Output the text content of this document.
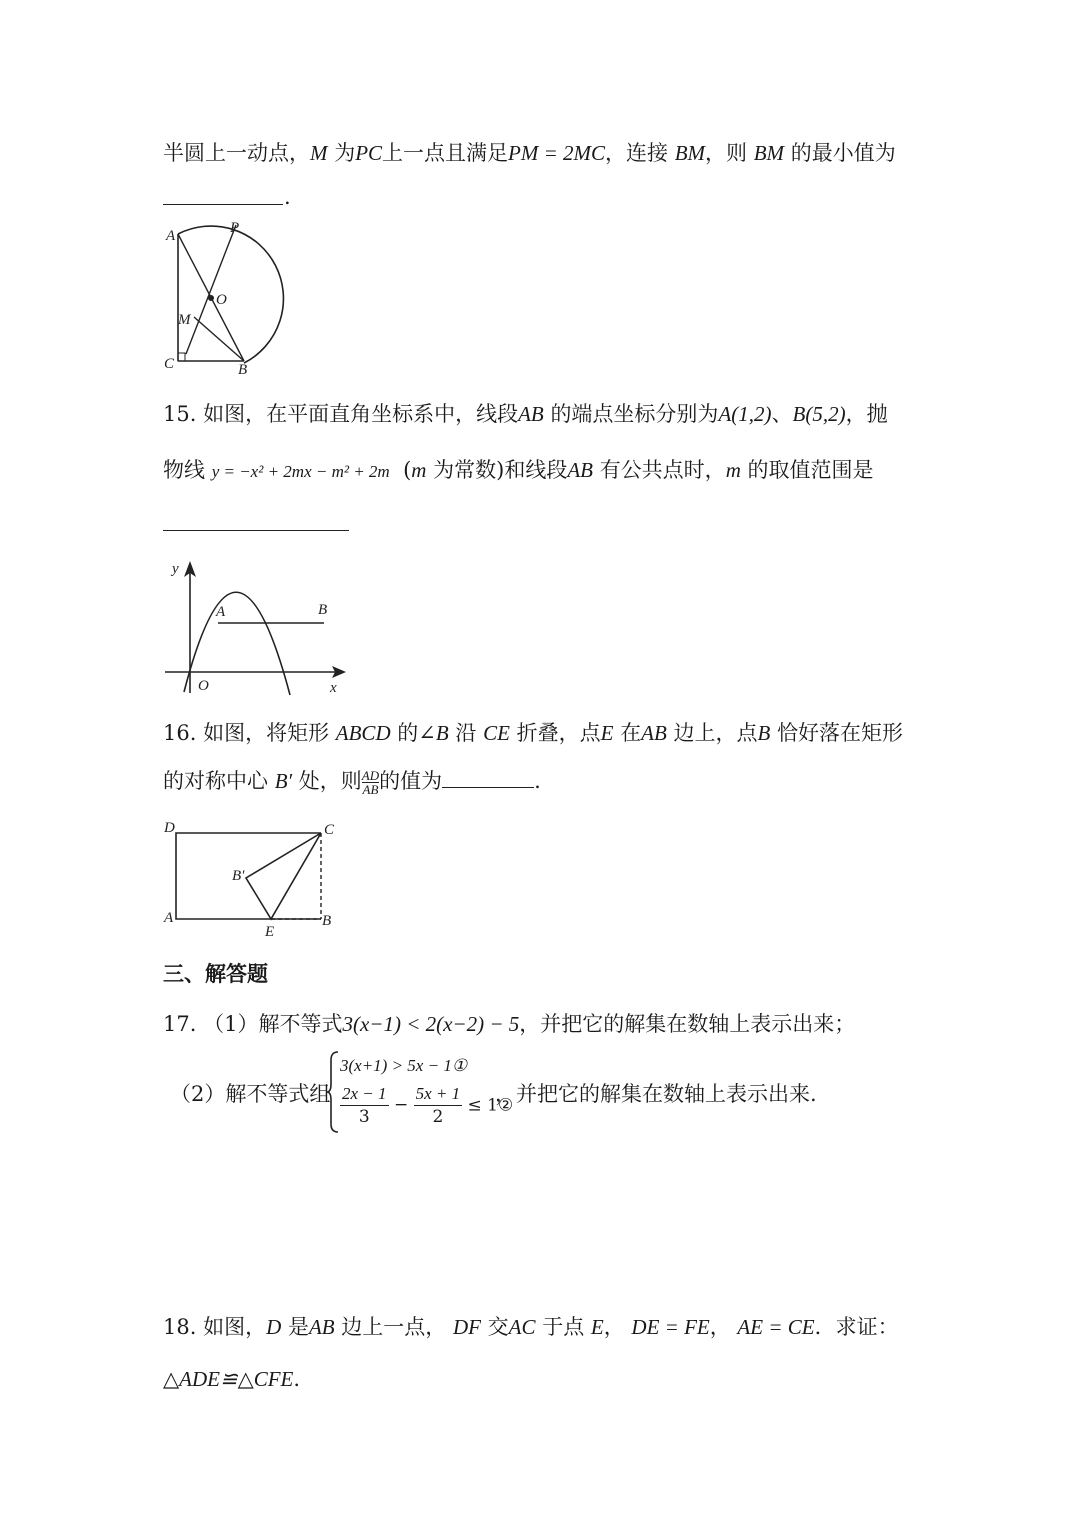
半圆上一动点，M 为PC上一点且满足PM = 2MC，连接 BM，则 BM 的最小值为
.
A	P
O
M
C	B
15. 如图，在平面直角坐标系中，线段AB 的端点坐标分别为A(1,2)、B(5,2)，抛
物线 y = −x² + 2mx − m² + 2m (m 为常数)和线段AB 有公共点时，m 的取值范围是
y
A	B
O	x
16. 如图，将矩形 ABCD 的∠B 沿 CE 折叠，点E 在AB 边上，点B 恰好落在矩形
的对称中心 B′ 处，则 $\frac{AD}{AB}$ 的值为	.
D	C
B′
A
E
B
三、解答题
17. （1）解不等式3(x−1) < 2(x−2) − 5，并把它的解集在数轴上表示出来；
（2）解不等式组
3(x+1) > 5x − 1①
$\frac{2x - 1}{3} - \frac{5x + 1}{2}$ ≤ 1②
，并把它的解集在数轴上表示出来.
18. 如图，D 是AB 边上一点， DF 交AC 于点 E， DE = FE， AE = CE．求证：
△ADE≌△CFE.
